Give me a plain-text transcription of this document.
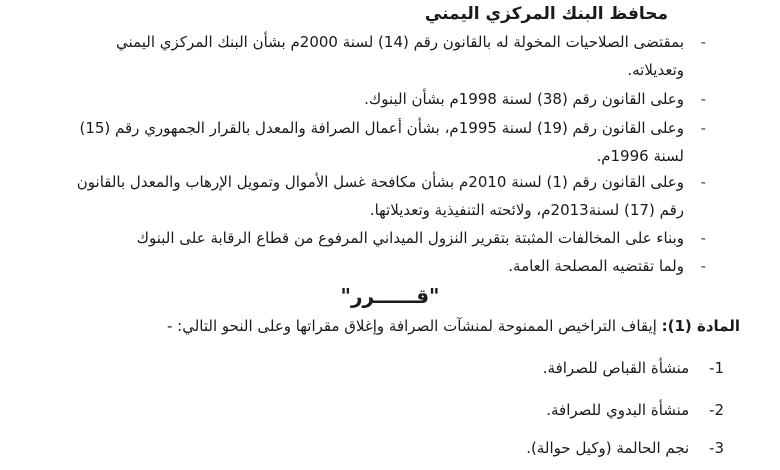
محافظ البنك المركزي اليمني
-
بمقتضى الصلاحيات المخولة له بالقانون رقم (14) لسنة 2000م بشأن البنك المركزي اليمني وتعديلاته.
-
وعلى القانون رقم (38) لسنة 1998م بشأن البنوك.
-
وعلى القانون رقم (19) لسنة 1995م، بشأن أعمال الصرافة والمعدل بالقرار الجمهوري رقم (15) لسنة 1996م.
-
وعلى القانون رقم (1) لسنة 2010م بشأن مكافحة غسل الأموال وتمويل الإرهاب والمعدل بالقانون رقم (17) لسنة2013م، ولائحته التنفيذية وتعديلاتها.
-
وبناء على المخالفات المثبتة بتقرير النزول الميداني المرفوع من قطاع الرقابة على البنوك
-
ولما تقتضيه المصلحة العامة.
"قــــــرر"
المادة (1): إيقاف التراخيص الممنوحة لمنشآت الصرافة وإغلاق مقراتها وعلى النحو التالي: -
-1 منشأة القباص للصرافة.
-2 منشأة البدوي للصرافة.
-3 نجم الحالمة (وكيل حوالة).
